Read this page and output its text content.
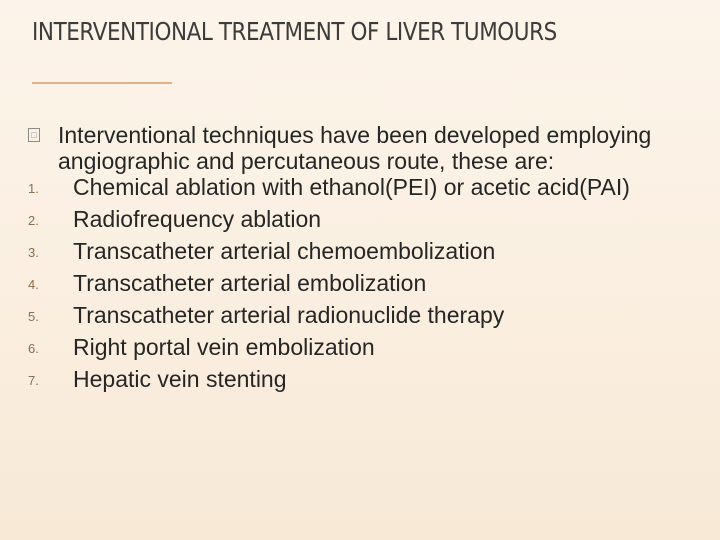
INTERVENTIONAL TREATMENT OF LIVER TUMOURS
□ Interventional techniques have been developed employing angiographic and percutaneous route, these are:
1. Chemical ablation with ethanol(PEI) or acetic acid(PAI)
2. Radiofrequency ablation
3. Transcatheter arterial chemoembolization
4. Transcatheter arterial embolization
5. Transcatheter arterial radionuclide therapy
6. Right portal vein embolization
7. Hepatic vein stenting
